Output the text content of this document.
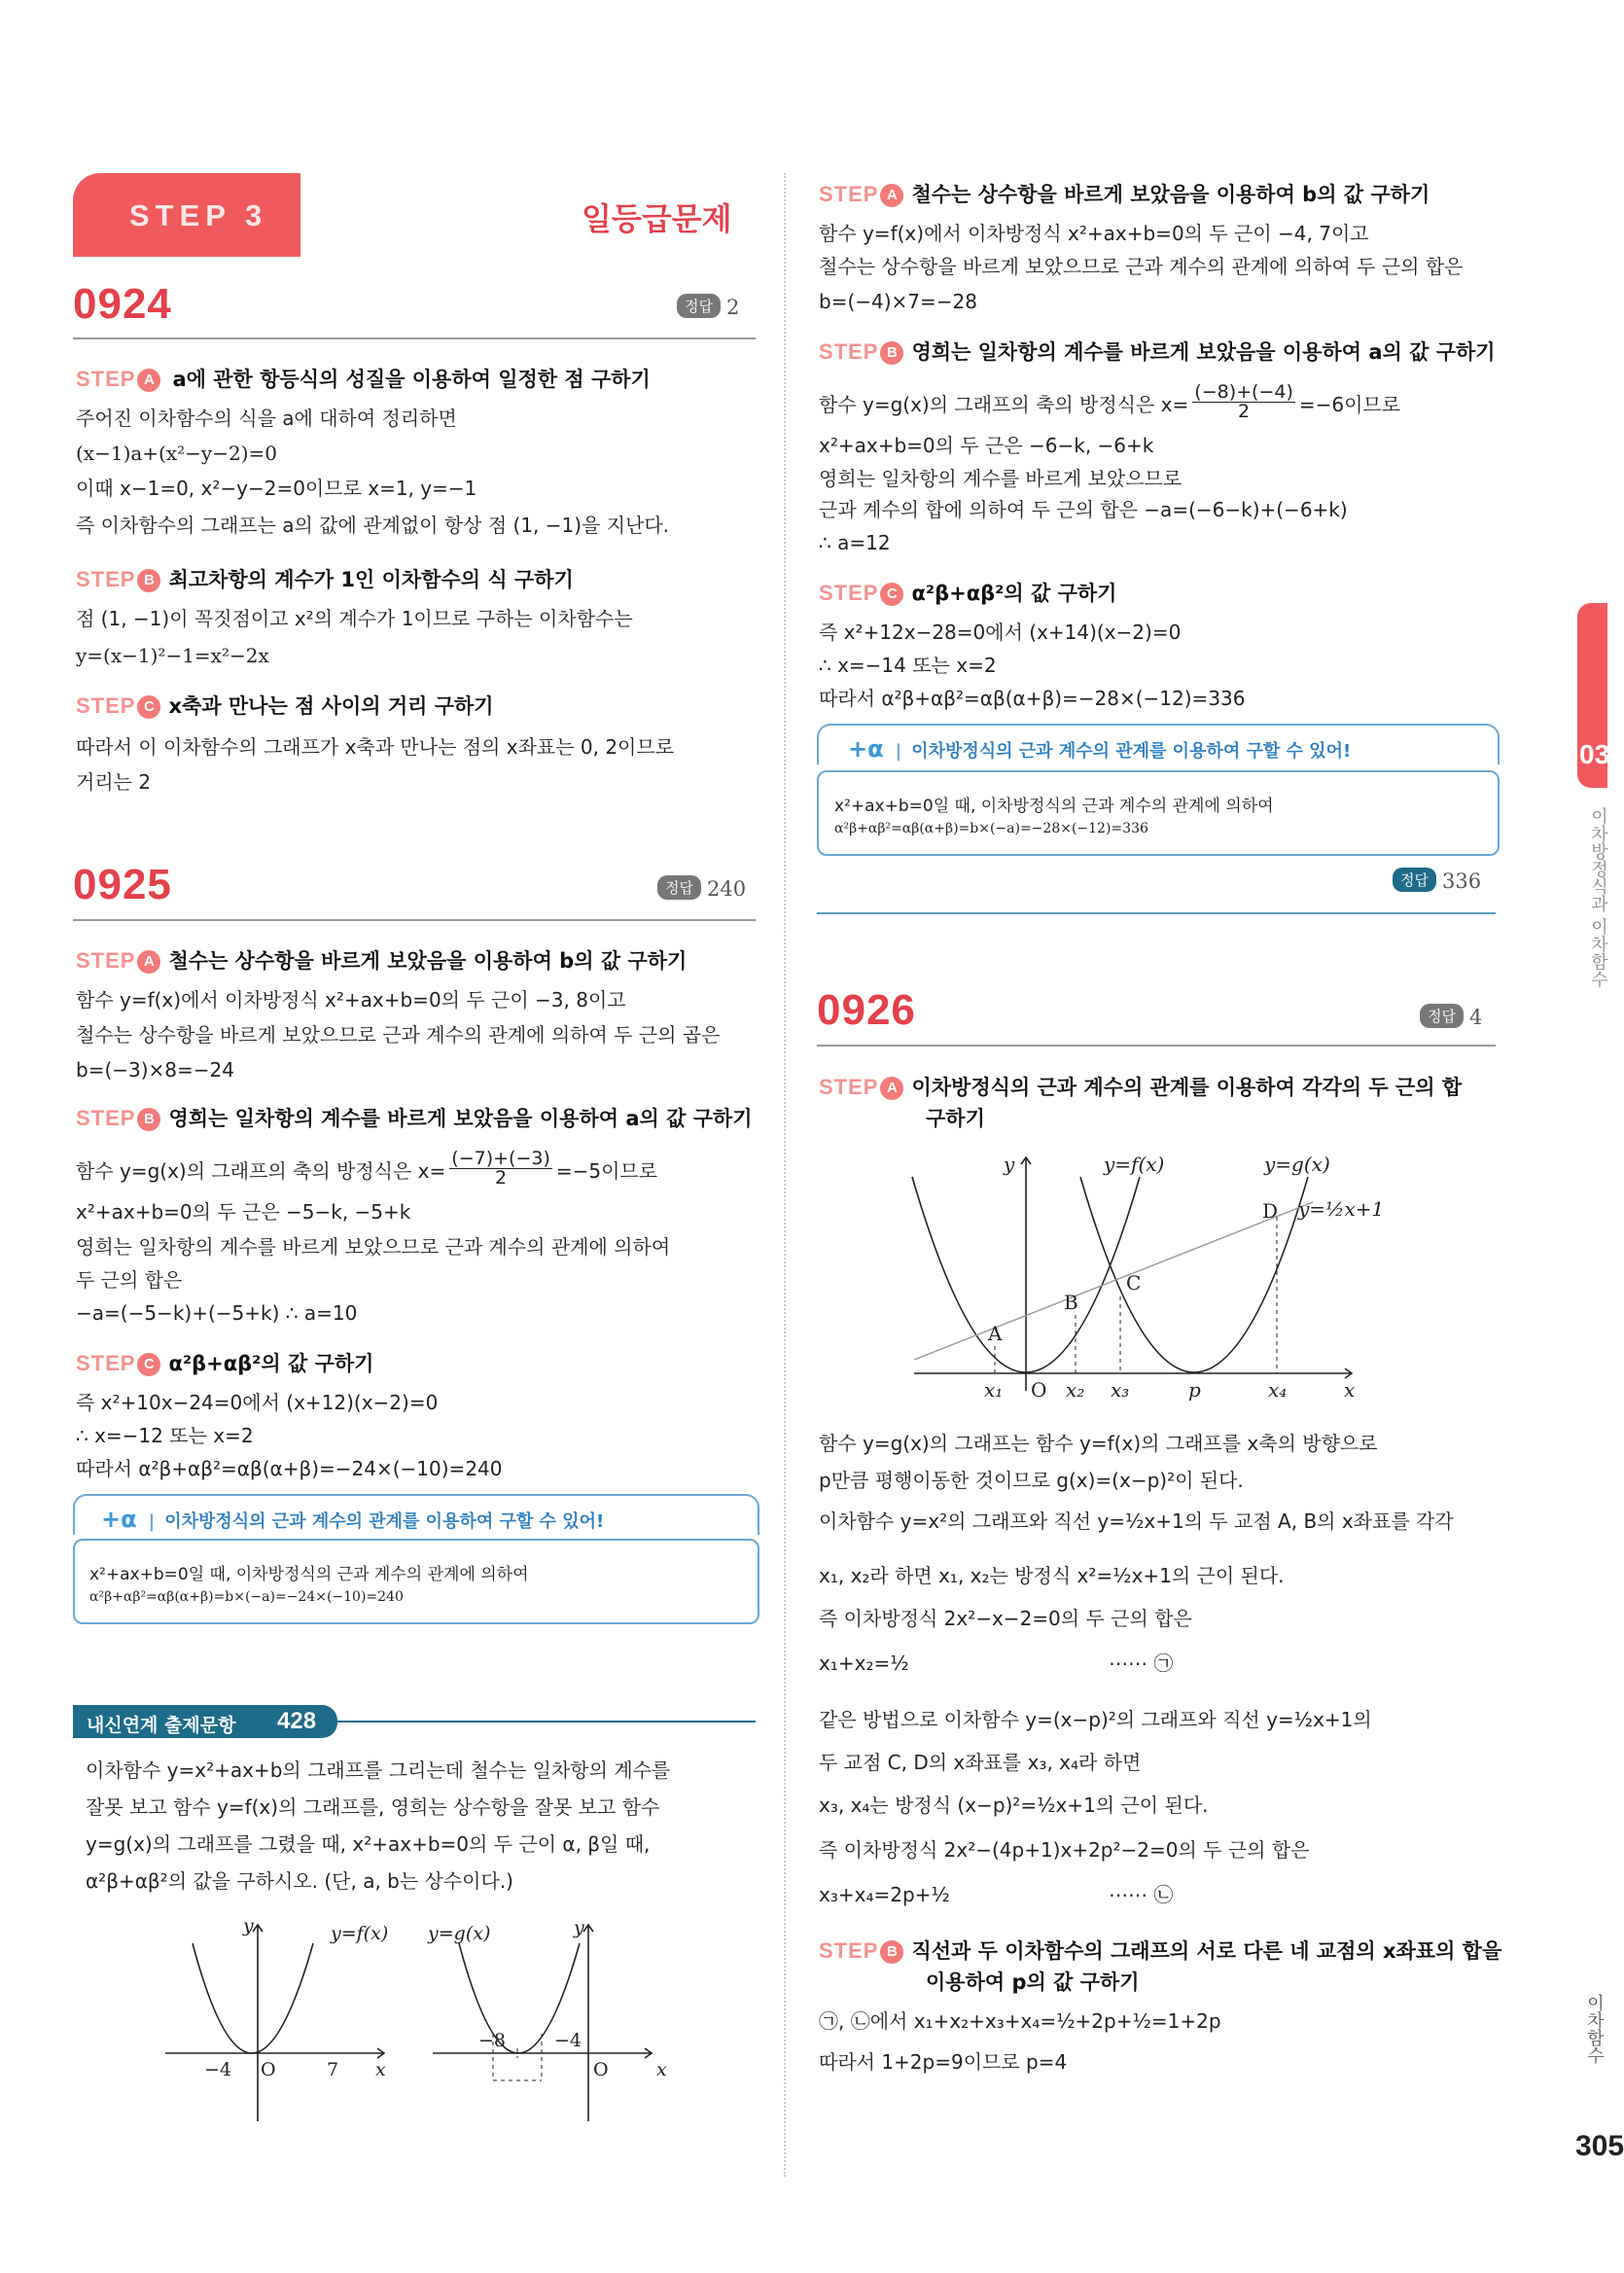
STEP 3	일등급문제
03
이차방정식과 이차함수
이차함수
305
0924	정답 2
STEP A a에 관한 항등식의 성질을 이용하여 일정한 점 구하기
주어진 이차함수의 식을 a에 대하여 정리하면
(x−1)a+(x²−y−2)=0
이때 x−1=0, x²−y−2=0이므로 x=1, y=−1
즉 이차함수의 그래프는 a의 값에 관계없이 항상 점 (1, −1)을 지난다.
STEP B 최고차항의 계수가 1인 이차함수의 식 구하기
점 (1, −1)이 꼭짓점이고 x²의 계수가 1이므로 구하는 이차함수는
y=(x−1)²−1=x²−2x
STEP C x축과 만나는 점 사이의 거리 구하기
따라서 이 이차함수의 그래프가 x축과 만나는 점의 x좌표는 0, 2이므로
거리는 2
0925	정답 240
STEP A 철수는 상수항을 바르게 보았음을 이용하여 b의 값 구하기
함수 y=f(x)에서 이차방정식 x²+ax+b=0의 두 근이 −3, 8이고
철수는 상수항을 바르게 보았으므로 근과 계수의 관계에 의하여 두 근의 곱은
b=(−3)×8=−24
STEP B 영희는 일차항의 계수를 바르게 보았음을 이용하여 a의 값 구하기
함수 y=g(x)의 그래프의 축의 방정식은 $x= \frac{(-7)+(-3)}{2} =-5$이므로
x²+ax+b=0의 두 근은 −5−k, −5+k
영희는 일차항의 계수를 바르게 보았으므로 근과 계수의 관계에 의하여
두 근의 합은
−a=(−5−k)+(−5+k) ∴ a=10
STEP C α²β+αβ²의 값 구하기
즉 x²+10x−24=0에서 (x+12)(x−2)=0
∴ x=−12 또는 x=2
따라서 α²β+αβ²=αβ(α+β)=−24×(−10)=240
+α | 이차방정식의 근과 계수의 관계를 이용하여 구할 수 있어!
x²+ax+b=0일 때, 이차방정식의 근과 계수의 관계에 의하여
α²β+αβ²=αβ(α+β)=b×(−a)=−24×(−10)=240
내신연계 출제문항 428
이차함수 y=x²+ax+b의 그래프를 그리는데 철수는 일차항의 계수를
잘못 보고 함수 y=f(x)의 그래프를, 영희는 상수항을 잘못 보고 함수
y=g(x)의 그래프를 그렸을 때, x²+ax+b=0의 두 근이 α, β일 때,
α²β+αβ²의 값을 구하시오. (단, a, b는 상수이다.)
y	y=f(x) y=g(x)	y
−4 O	7 x
−8	−4
O	x
STEP A 철수는 상수항을 바르게 보았음을 이용하여 b의 값 구하기
함수 y=f(x)에서 이차방정식 x²+ax+b=0의 두 근이 −4, 7이고
철수는 상수항을 바르게 보았으므로 근과 계수의 관계에 의하여 두 근의 합은
b=(−4)×7=−28
STEP B 영희는 일차항의 계수를 바르게 보았음을 이용하여 a의 값 구하기
함수 y=g(x)의 그래프의 축의 방정식은 $x= \frac{(-8)+(-4)}{2} =-6$이므로
x²+ax+b=0의 두 근은 −6−k, −6+k
영희는 일차항의 계수를 바르게 보았으므로
근과 계수의 합에 의하여 두 근의 합은 −a=(−6−k)+(−6+k)
∴ a=12
STEP C α²β+αβ²의 값 구하기
즉 x²+12x−28=0에서 (x+14)(x−2)=0
∴ x=−14 또는 x=2
따라서 α²β+αβ²=αβ(α+β)=−28×(−12)=336
+α | 이차방정식의 근과 계수의 관계를 이용하여 구할 수 있어!
x²+ax+b=0일 때, 이차방정식의 근과 계수의 관계에 의하여
α²β+αβ²=αβ(α+β)=b×(−a)=−28×(−12)=336
정답 336
0926	정답 4
STEP A 이차방정식의 근과 계수의 관계를 이용하여 각각의 두 근의 합
구하기
y	y=f(x)	y=g(x)
y=½x+1
A
B
C
D
x₁ O x₂ x₃	p	x₄	x
함수 y=g(x)의 그래프는 함수 y=f(x)의 그래프를 x축의 방향으로
p만큼 평행이동한 것이므로 g(x)=(x−p)²이 된다.
이차함수 y=x²의 그래프와 직선 y=½x+1의 두 교점 A, B의 x좌표를 각각
x₁, x₂라 하면 x₁, x₂는 방정식 x²=½x+1의 근이 된다.
즉 이차방정식 2x²−x−2=0의 두 근의 합은
x₁+x₂=½	⋯⋯ ㉠
같은 방법으로 이차함수 y=(x−p)²의 그래프와 직선 y=½x+1의
두 교점 C, D의 x좌표를 x₃, x₄라 하면
x₃, x₄는 방정식 (x−p)²=½x+1의 근이 된다.
즉 이차방정식 2x²−(4p+1)x+2p²−2=0의 두 근의 합은
x₃+x₄=2p+½	⋯⋯ ㉡
STEP B 직선과 두 이차함수의 그래프의 서로 다른 네 교점의 x좌표의 합을
이용하여 p의 값 구하기
㉠, ㉡에서 x₁+x₂+x₃+x₄=½+2p+½=1+2p
따라서 1+2p=9이므로 p=4
